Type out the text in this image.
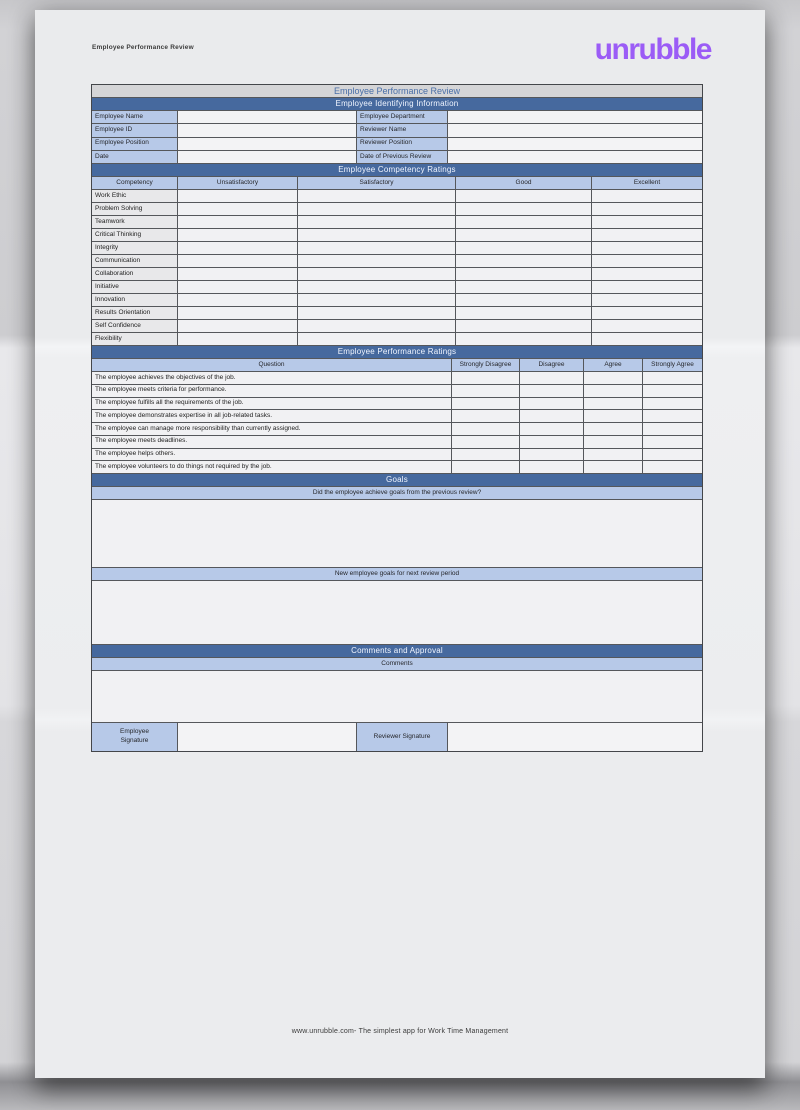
Employee Performance Review	unrubble
Employee Performance Review
Employee Identifying Information
Employee Name	Employee Department
Employee ID	Reviewer Name
Employee Position	Reviewer Position
Date	Date of Previous Review
Employee Competency Ratings
Competency	Unsatisfactory	Satisfactory	Good	Excellent
Work Ethic
Problem Solving
Teamwork
Critical Thinking
Integrity
Communication
Collaboration
Initiative
Innovation
Results Orientation
Self Confidence
Flexibility
Employee Performance Ratings
Question	Strongly Disagree	Disagree	Agree	Strongly Agree
The employee achieves the objectives of the job.
The employee meets criteria for performance.
The employee fulfills all the requirements of the job.
The employee demonstrates expertise in all job-related tasks.
The employee can manage more responsibility than currently assigned.
The employee meets deadlines.
The employee helps others.
The employee volunteers to do things not required by the job.
Goals
Did the employee achieve goals from the previous review?
New employee goals for next review period
Comments and Approval
Comments
Employee Signature
Reviewer Signature
www.unrubble.com- The simplest app for Work Time Management
